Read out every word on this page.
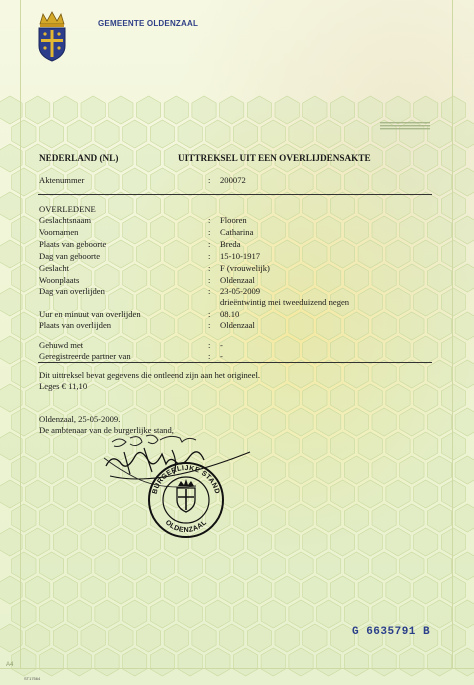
GEMEENTE OLDENZAAL
NEDERLAND (NL)	UITTREKSEL UIT EEN OVERLIJDENSAKTE
Aktenummer	: 200072
OVERLEDENE
Geslachtsnaam	: Flooren
Voornamen	: Catharina
Plaats van geboorte	: Breda
Dag van geboorte	: 15-10-1917
Geslacht	: F (vrouwelijk)
Woonplaats	: Oldenzaal
Dag van overlijden	: 23-05-2009
drieëntwintig mei tweeduizend negen
Uur en minuut van overlijden	: 08.10
Plaats van overlijden	: Oldenzaal
Gehuwd met	: -
Geregistreerde partner van	: -
Dit uittreksel bevat gegevens die ontleend zijn aan het origineel.
Leges € 11,10
Oldenzaal, 25-05-2009.
De ambtenaar van de burgerlijke stand,
BURGERLIJKE STAND
OLDENZAAL
G 6635791 B
A4
ST17564
